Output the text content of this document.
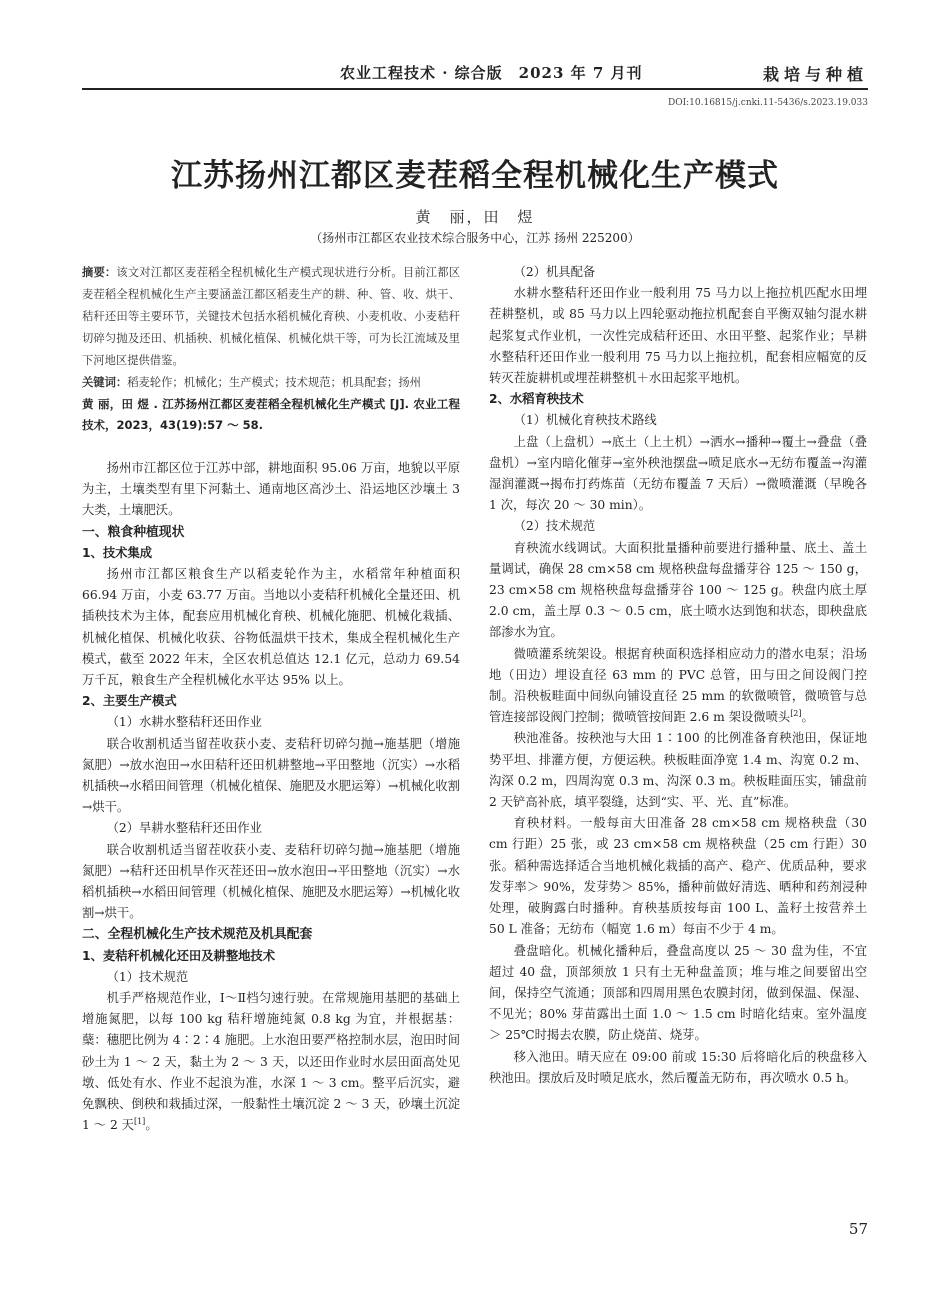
农业工程技术 · 综合版　2023 年 7 月刊	栽培与种植
DOI:10.16815/j.cnki.11-5436/s.2023.19.033
江苏扬州江都区麦茬稻全程机械化生产模式
黄　丽，田　煜
（扬州市江都区农业技术综合服务中心，江苏 扬州 225200）

摘要：该文对江都区麦茬稻全程机械化生产模式现状进行分析。目前江都区麦茬稻全程机械化生产主要涵盖江都区稻麦生产的耕、种、管、收、烘干、秸秆还田等主要环节，关键技术包括水稻机械化育秧、小麦机收、小麦秸秆切碎匀抛及还田、机插秧、机械化植保、机械化烘干等，可为长江流域及里下河地区提供借鉴。

关键词：稻麦轮作；机械化；生产模式；技术规范；机具配套；扬州

黄 丽，田 煜 . 江苏扬州江都区麦茬稻全程机械化生产模式 [J]. 农业工程技术，2023，43(19):57 ～ 58.

扬州市江都区位于江苏中部，耕地面积 95.06 万亩，地貌以平原为主，土壤类型有里下河黏土、通南地区高沙土、沿运地区沙壤土 3 大类，土壤肥沃。

一、粮食种植现状

1、技术集成

扬州市江都区粮食生产以稻麦轮作为主，水稻常年种植面积 66.94 万亩，小麦 63.77 万亩。当地以小麦秸秆机械化全量还田、机插秧技术为主体，配套应用机械化育秧、机械化施肥、机械化栽插、机械化植保、机械化收获、谷物低温烘干技术，集成全程机械化生产模式，截至 2022 年末，全区农机总值达 12.1 亿元，总动力 69.54 万千瓦，粮食生产全程机械化水平达 95% 以上。

2、主要生产模式

（1）水耕水整秸秆还田作业

联合收割机适当留茬收获小麦、麦秸秆切碎匀抛→施基肥（增施氮肥）→放水泡田→水田秸秆还田机耕整地→平田整地（沉实）→水稻机插秧→水稻田间管理（机械化植保、施肥及水肥运筹）→机械化收割→烘干。

（2）旱耕水整秸秆还田作业

联合收割机适当留茬收获小麦、麦秸秆切碎匀抛→施基肥（增施氮肥）→秸秆还田机旱作灭茬还田→放水泡田→平田整地（沉实）→水稻机插秧→水稻田间管理（机械化植保、施肥及水肥运筹）→机械化收割→烘干。

二、全程机械化生产技术规范及机具配套

1、麦秸秆机械化还田及耕整地技术

（1）技术规范

机手严格规范作业，Ⅰ～Ⅱ档匀速行驶。在常规施用基肥的基础上增施氮肥，以每 100 kg 秸秆增施纯氮 0.8 kg 为宜，并根据基：蘖：穗肥比例为 4∶2∶4 施肥。上水泡田要严格控制水层，泡田时间砂土为 1 ～ 2 天，黏土为 2 ～ 3 天，以还田作业时水层田面高处见墩、低处有水、作业不起浪为准，水深 1 ～ 3 cm。整平后沉实，避免飘秧、倒秧和栽插过深，一般黏性土壤沉淀 2 ～ 3 天，砂壤土沉淀 1 ～ 2 天[1]。

（2）机具配备

水耕水整秸秆还田作业一般利用 75 马力以上拖拉机匹配水田埋茬耕整机，或 85 马力以上四轮驱动拖拉机配套自平衡双轴匀混水耕起浆复式作业机，一次性完成秸秆还田、水田平整、起浆作业；旱耕水整秸秆还田作业一般利用 75 马力以上拖拉机，配套相应幅宽的反转灭茬旋耕机或埋茬耕整机＋水田起浆平地机。

2、水稻育秧技术

（1）机械化育秧技术路线

上盘（上盘机）→底土（上土机）→洒水→播种→覆土→叠盘（叠盘机）→室内暗化催芽→室外秧池摆盘→喷足底水→无纺布覆盖→沟灌湿润灌溉→揭布打药炼苗（无纺布覆盖 7 天后）→微喷灌溉（早晚各 1 次，每次 20 ～ 30 min）。

（2）技术规范

育秧流水线调试。大面积批量播种前要进行播种量、底土、盖土量调试，确保 28 cm×58 cm 规格秧盘每盘播芽谷 125 ～ 150 g，23 cm×58 cm 规格秧盘每盘播芽谷 100 ～ 125 g。秧盘内底土厚 2.0 cm，盖土厚 0.3 ～ 0.5 cm，底土喷水达到饱和状态，即秧盘底部渗水为宜。

微喷灌系统架设。根据育秧面积选择相应动力的潜水电泵；沿场地（田边）埋设直径 63 mm 的 PVC 总管，田与田之间设阀门控制。沿秧板畦面中间纵向铺设直径 25 mm 的软微喷管，微喷管与总管连接部设阀门控制；微喷管按间距 2.6 m 架设微喷头[2]。

秧池准备。按秧池与大田 1∶100 的比例准备育秧池田，保证地势平坦、排灌方便，方便运秧。秧板畦面净宽 1.4 m、沟宽 0.2 m、沟深 0.2 m，四周沟宽 0.3 m、沟深 0.3 m。秧板畦面压实，铺盘前 2 天铲高补底，填平裂缝，达到“实、平、光、直”标准。

育秧材料。一般每亩大田准备 28 cm×58 cm 规格秧盘（30 cm 行距）25 张，或 23 cm×58 cm 规格秧盘（25 cm 行距）30 张。稻种需选择适合当地机械化栽插的高产、稳产、优质品种，要求发芽率＞ 90%，发芽势＞ 85%，播种前做好清选、晒种和药剂浸种处理，破胸露白时播种。育秧基质按每亩 100 L、盖籽土按营养土 50 L 准备；无纺布（幅宽 1.6 m）每亩不少于 4 m。

叠盘暗化。机械化播种后，叠盘高度以 25 ～ 30 盘为佳，不宜超过 40 盘，顶部须放 1 只有土无种盘盖顶；堆与堆之间要留出空间，保持空气流通；顶部和四周用黑色农膜封闭，做到保温、保湿、不见光；80% 芽苗露出土面 1.0 ～ 1.5 cm 时暗化结束。室外温度＞ 25℃时揭去农膜，防止烧苗、烧芽。

移入池田。晴天应在 09:00 前或 15:30 后将暗化后的秧盘移入秧池田。摆放后及时喷足底水，然后覆盖无防布，再次喷水 0.5 h。

57
